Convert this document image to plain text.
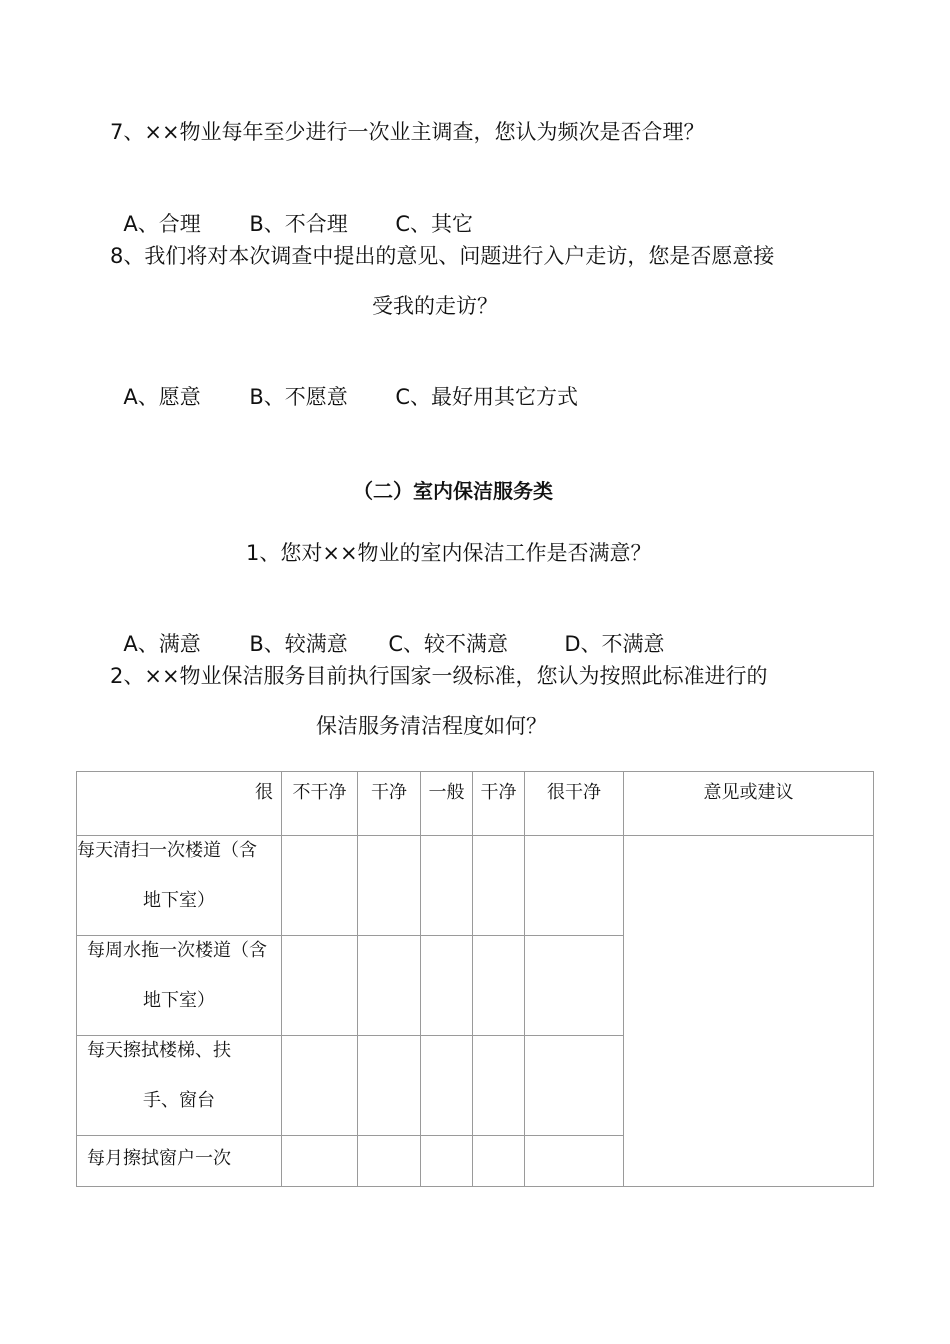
7、××物业每年至少进行一次业主调查，您认为频次是否合理？

A、合理 B、不合理 C、其它

8、我们将对本次调查中提出的意见、问题进行入户走访，您是否愿意接
受我的走访？

A、愿意 B、不愿意 C、最好用其它方式

（二）室内保洁服务类
1、您对××物业的室内保洁工作是否满意？

A、满意 B、较满意 C、较不满意	D、不满意

2、××物业保洁服务目前执行国家一级标准，您认为按照此标准进行的
保洁服务清洁程度如何？
很	不干净	干净	一般	干净	很干净	意见或建议

每天清扫一次楼道（含
地下室）						

每周水拖一次楼道（含
地下室）						

每天擦拭楼梯、扶
手、窗台						

每月擦拭窗户一次						
